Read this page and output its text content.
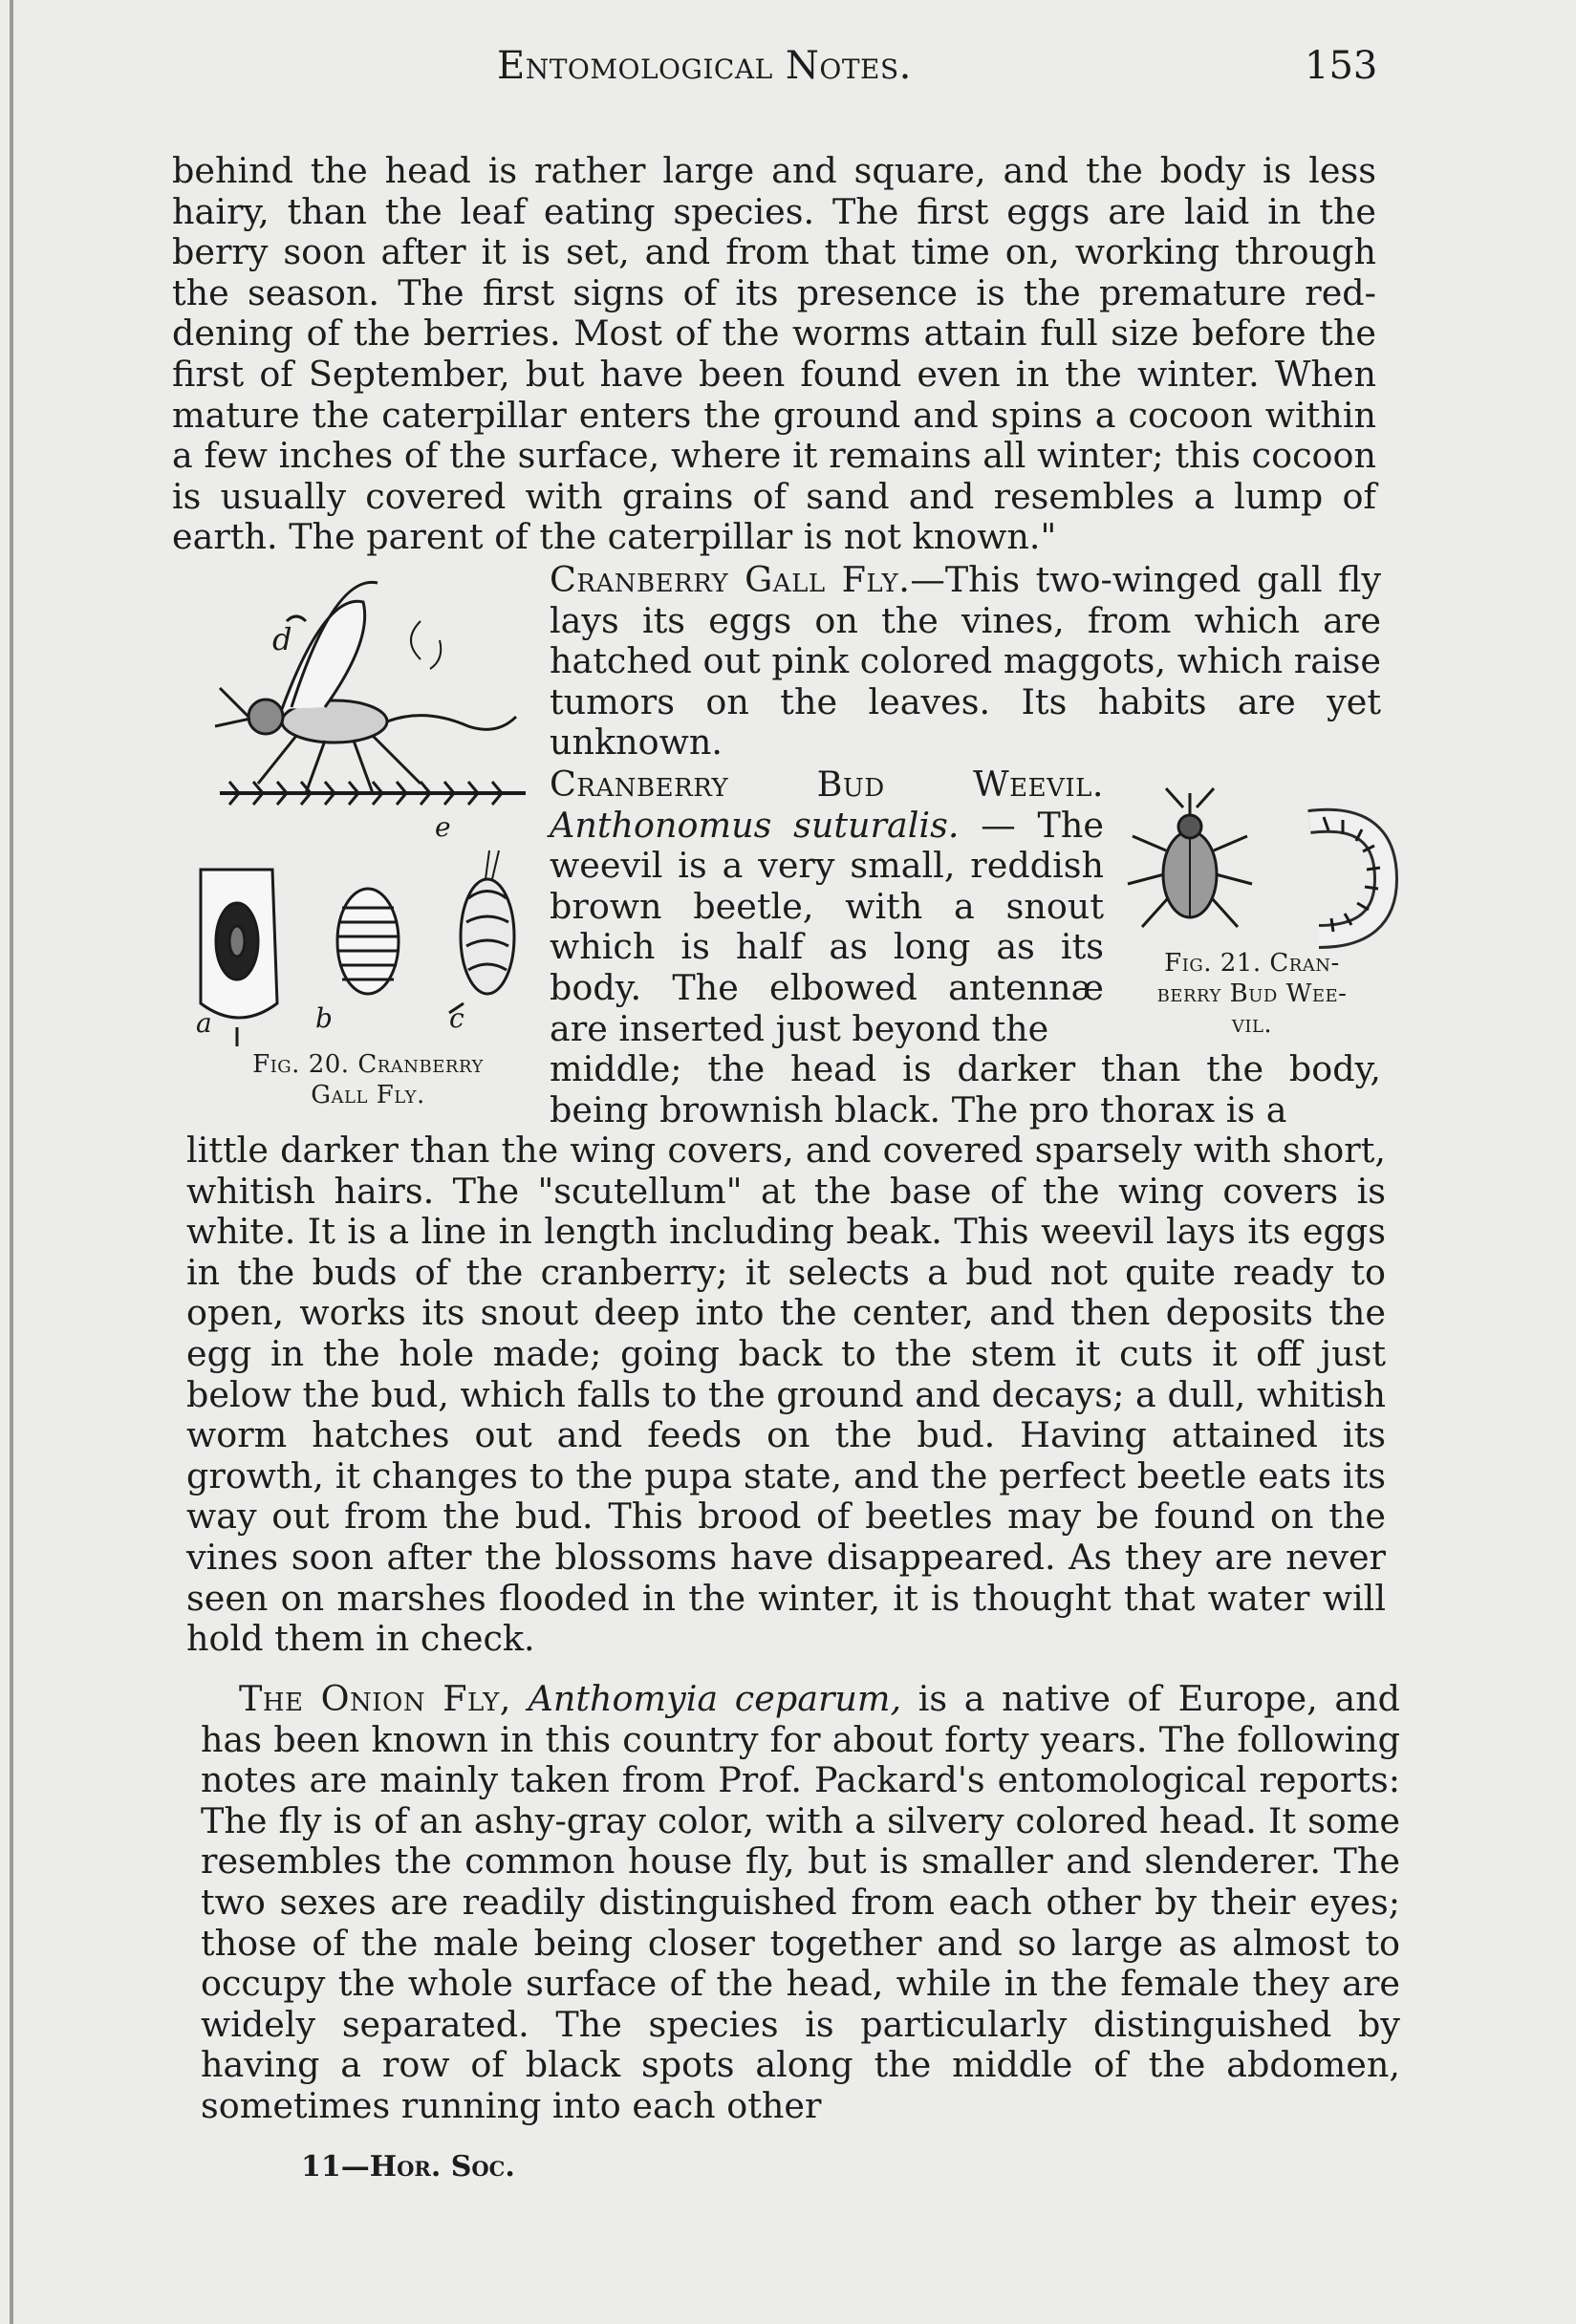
Entomological Notes.	153

behind the head is rather large and square, and the body is less hairy, than the leaf eating species. The first eggs are laid in the berry soon after it is set, and from that time on, working through the season. The first signs of its presence is the premature reddening of the berries. Most of the worms attain full size before the first of September, but have been found even in the winter. When mature the caterpillar enters the ground and spins a cocoon within a few inches of the surface, where it remains all winter; this cocoon is usually covered with grains of sand and resembles a lump of earth. The parent of the caterpillar is not known."

d
e
a	b	c
Fig. 20. Cranberry
Gall Fly.

Cranberry Gall Fly.—This two-winged gall fly lays its eggs on the vines, from which are hatched out pink colored maggots, which raise tumors on the leaves. Its habits are yet unknown.

Cranberry Bud Weevil. Anthonomus suturalis. — The weevil is a very small, reddish brown beetle, with a snout which is half as long as its body. The elbowed antennæ are inserted just beyond the

Fig. 21. Cran-
berry Bud Wee-
vil.

middle; the head is darker than the body, being brownish black. The pro thorax is a

little darker than the wing covers, and covered sparsely with short, whitish hairs. The "scutellum" at the base of the wing covers is white. It is a line in length including beak. This weevil lays its eggs in the buds of the cranberry; it selects a bud not quite ready to open, works its snout deep into the center, and then deposits the egg in the hole made; going back to the stem it cuts it off just below the bud, which falls to the ground and decays; a dull, whitish worm hatches out and feeds on the bud. Having attained its growth, it changes to the pupa state, and the perfect beetle eats its way out from the bud. This brood of beetles may be found on the vines soon after the blossoms have disappeared. As they are never seen on marshes flooded in the winter, it is thought that water will hold them in check.

The Onion Fly, Anthomyia ceparum, is a native of Europe, and has been known in this country for about forty years. The following notes are mainly taken from Prof. Packard's entomological reports: The fly is of an ashy-gray color, with a silvery colored head. It some resembles the common house fly, but is smaller and slenderer. The two sexes are readily distinguished from each other by their eyes; those of the male being closer together and so large as almost to occupy the whole surface of the head, while in the female they are widely separated. The species is particularly distinguished by having a row of black spots along the middle of the abdomen, sometimes running into each other

11—Hor. Soc.
